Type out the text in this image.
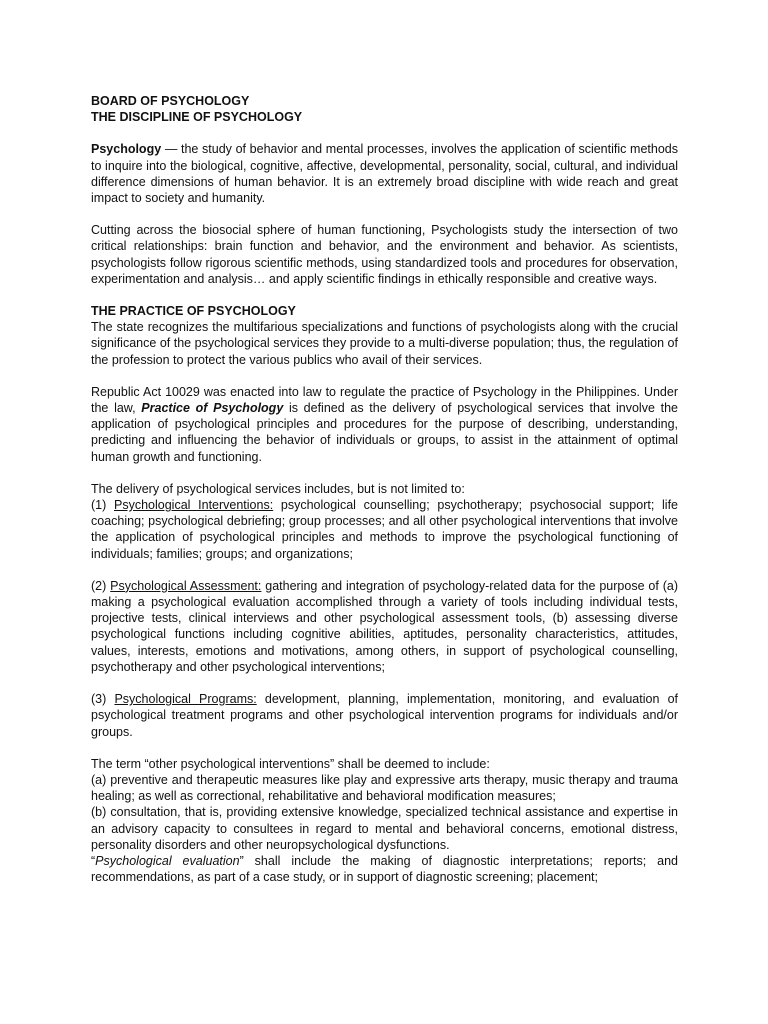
BOARD OF PSYCHOLOGY
THE DISCIPLINE OF PSYCHOLOGY

Psychology — the study of behavior and mental processes, involves the application of scientific methods to inquire into the biological, cognitive, affective, developmental, personality, social, cultural, and individual difference dimensions of human behavior. It is an extremely broad discipline with wide reach and great impact to society and humanity.

Cutting across the biosocial sphere of human functioning, Psychologists study the intersection of two critical relationships: brain function and behavior, and the environment and behavior. As scientists, psychologists follow rigorous scientific methods, using standardized tools and procedures for observation, experimentation and analysis… and apply scientific findings in ethically responsible and creative ways.

THE PRACTICE OF PSYCHOLOGY

The state recognizes the multifarious specializations and functions of psychologists along with the crucial significance of the psychological services they provide to a multi-diverse population; thus, the regulation of the profession to protect the various publics who avail of their services.

Republic Act 10029 was enacted into law to regulate the practice of Psychology in the Philippines. Under the law, Practice of Psychology is defined as the delivery of psychological services that involve the application of psychological principles and procedures for the purpose of describing, understanding, predicting and influencing the behavior of individuals or groups, to assist in the attainment of optimal human growth and functioning.

The delivery of psychological services includes, but is not limited to:

(1) Psychological Interventions: psychological counselling; psychotherapy; psychosocial support; life coaching; psychological debriefing; group processes; and all other psychological interventions that involve the application of psychological principles and methods to improve the psychological functioning of individuals; families; groups; and organizations;

(2) Psychological Assessment: gathering and integration of psychology-related data for the purpose of (a) making a psychological evaluation accomplished through a variety of tools including individual tests, projective tests, clinical interviews and other psychological assessment tools, (b) assessing diverse psychological functions including cognitive abilities, aptitudes, personality characteristics, attitudes, values, interests, emotions and motivations, among others, in support of psychological counselling, psychotherapy and other psychological interventions;

(3) Psychological Programs: development, planning, implementation, monitoring, and evaluation of psychological treatment programs and other psychological intervention programs for individuals and/or groups.

The term “other psychological interventions” shall be deemed to include:

(a) preventive and therapeutic measures like play and expressive arts therapy, music therapy and trauma healing; as well as correctional, rehabilitative and behavioral modification measures;

(b) consultation, that is, providing extensive knowledge, specialized technical assistance and expertise in an advisory capacity to consultees in regard to mental and behavioral concerns, emotional distress, personality disorders and other neuropsychological dysfunctions.

“Psychological evaluation” shall include the making of diagnostic interpretations; reports; and recommendations, as part of a case study, or in support of diagnostic screening; placement;
